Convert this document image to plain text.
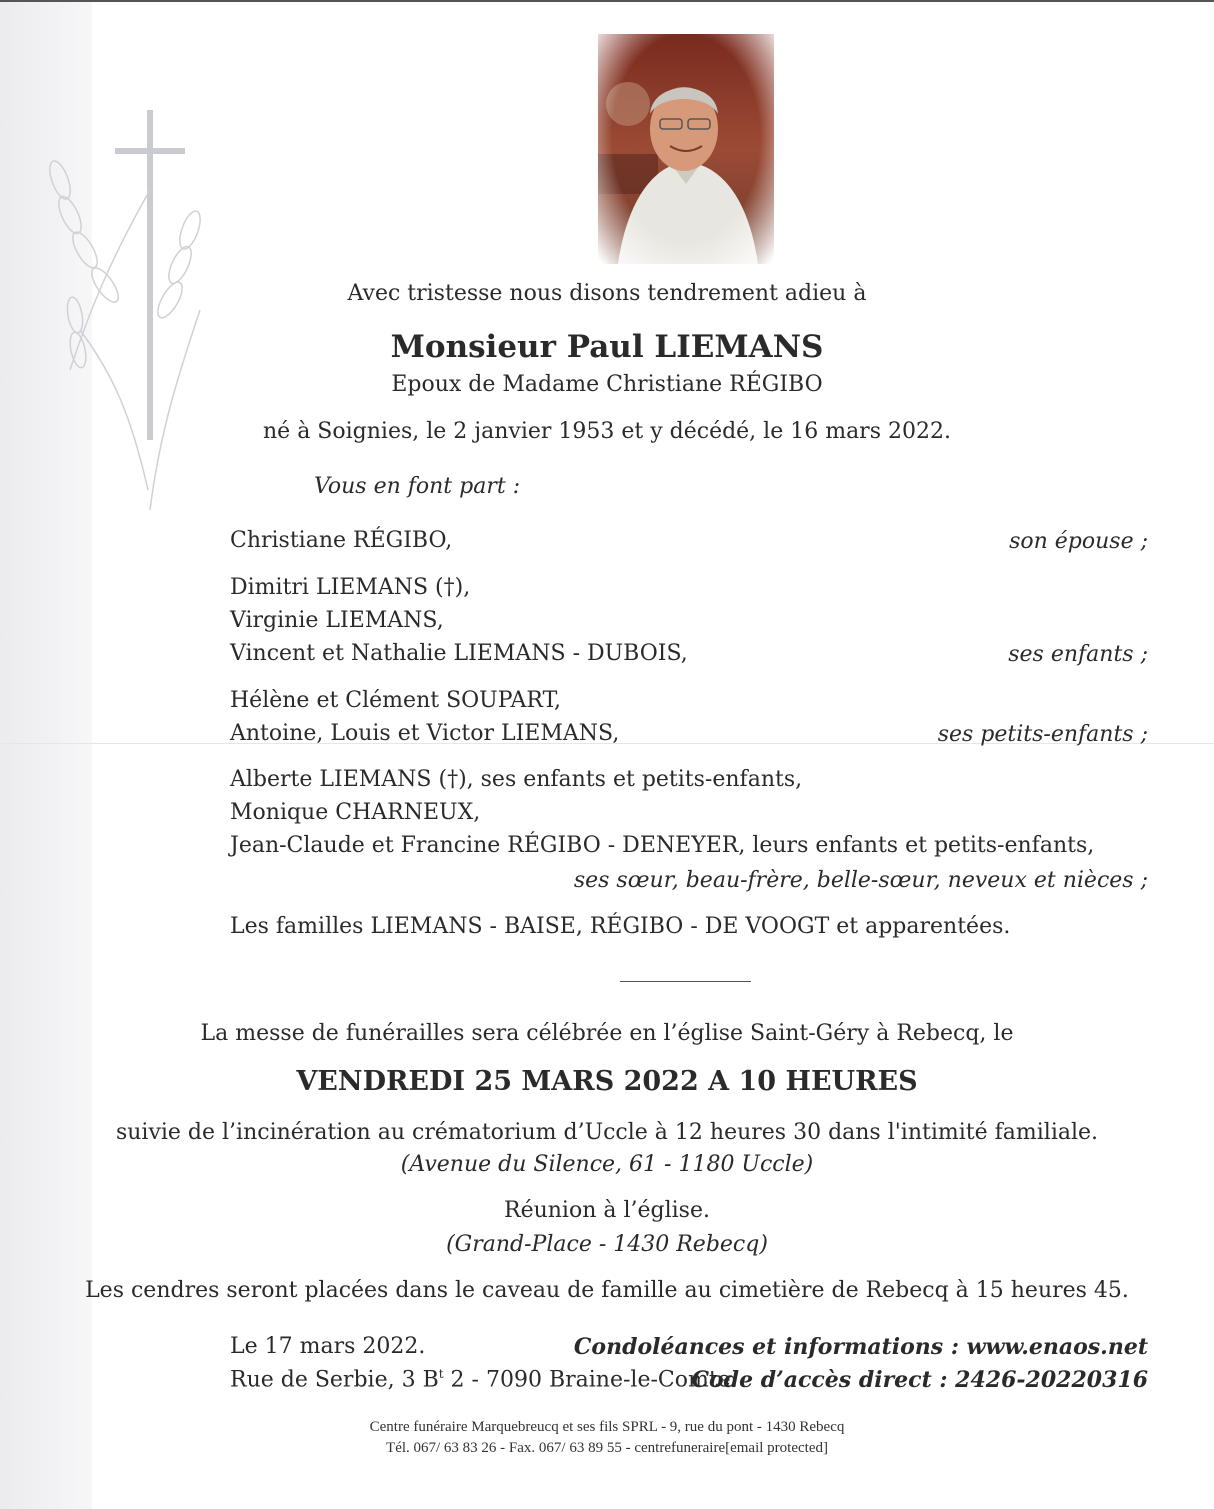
Avec tristesse nous disons tendrement adieu à
Monsieur Paul LIEMANS
Epoux de Madame Christiane RÉGIBO
né à Soignies, le 2 janvier 1953 et y décédé, le 16 mars 2022.
Vous en font part :
Christiane RÉGIBO,	son épouse ;
Dimitri LIEMANS (†),
Virginie LIEMANS,
Vincent et Nathalie LIEMANS - DUBOIS,	ses enfants ;
Hélène et Clément SOUPART,
Antoine, Louis et Victor LIEMANS,	ses petits-enfants ;
Alberte LIEMANS (†), ses enfants et petits-enfants,
Monique CHARNEUX,
Jean-Claude et Francine RÉGIBO - DENEYER, leurs enfants et petits-enfants,
ses sœur, beau-frère, belle-sœur, neveux et nièces ;
Les familles LIEMANS - BAISE, RÉGIBO - DE VOOGT et apparentées.
La messe de funérailles sera célébrée en l’église Saint-Géry à Rebecq, le
VENDREDI 25 MARS 2022 A 10 HEURES
suivie de l’incinération au crématorium d’Uccle à 12 heures 30 dans l'intimité familiale.
(Avenue du Silence, 61 - 1180 Uccle)
Réunion à l’église.
(Grand-Place - 1430 Rebecq)
Les cendres seront placées dans le caveau de famille au cimetière de Rebecq à 15 heures 45.
Le 17 mars 2022.
Rue de Serbie, 3 $B^t$ 2 - 7090 Braine-le-Comte.
Condoléances et informations : www.enaos.net
Code d’accès direct : 2426-20220316
Centre funéraire Marquebreucq et ses fils SPRL - 9, rue du pont - 1430 Rebecq
Tél. 067/ 63 83 26 - Fax. 067/ 63 89 55 - centrefuneraire[email protected]
